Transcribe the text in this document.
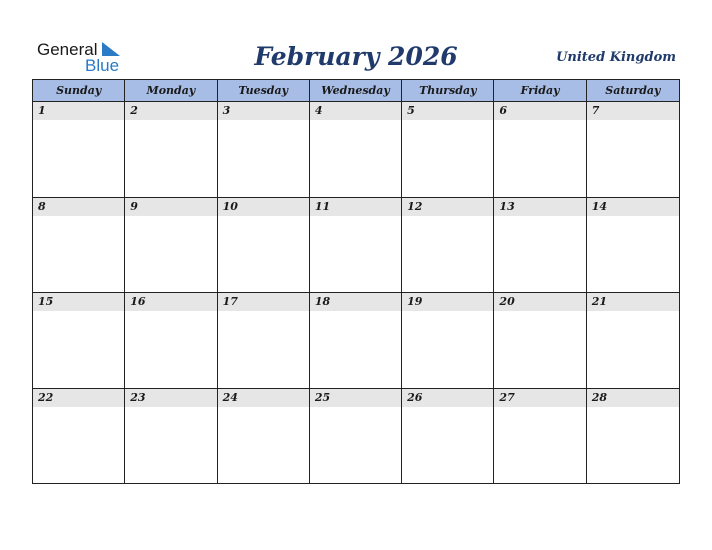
General
Blue	February 2026	United Kingdom
Sunday	Monday	Tuesday	Wednesday	Thursday	Friday	Saturday
1	2	3	4	5	6	7
8	9	10	11	12	13	14
15	16	17	18	19	20	21
22	23	24	25	26	27	28
